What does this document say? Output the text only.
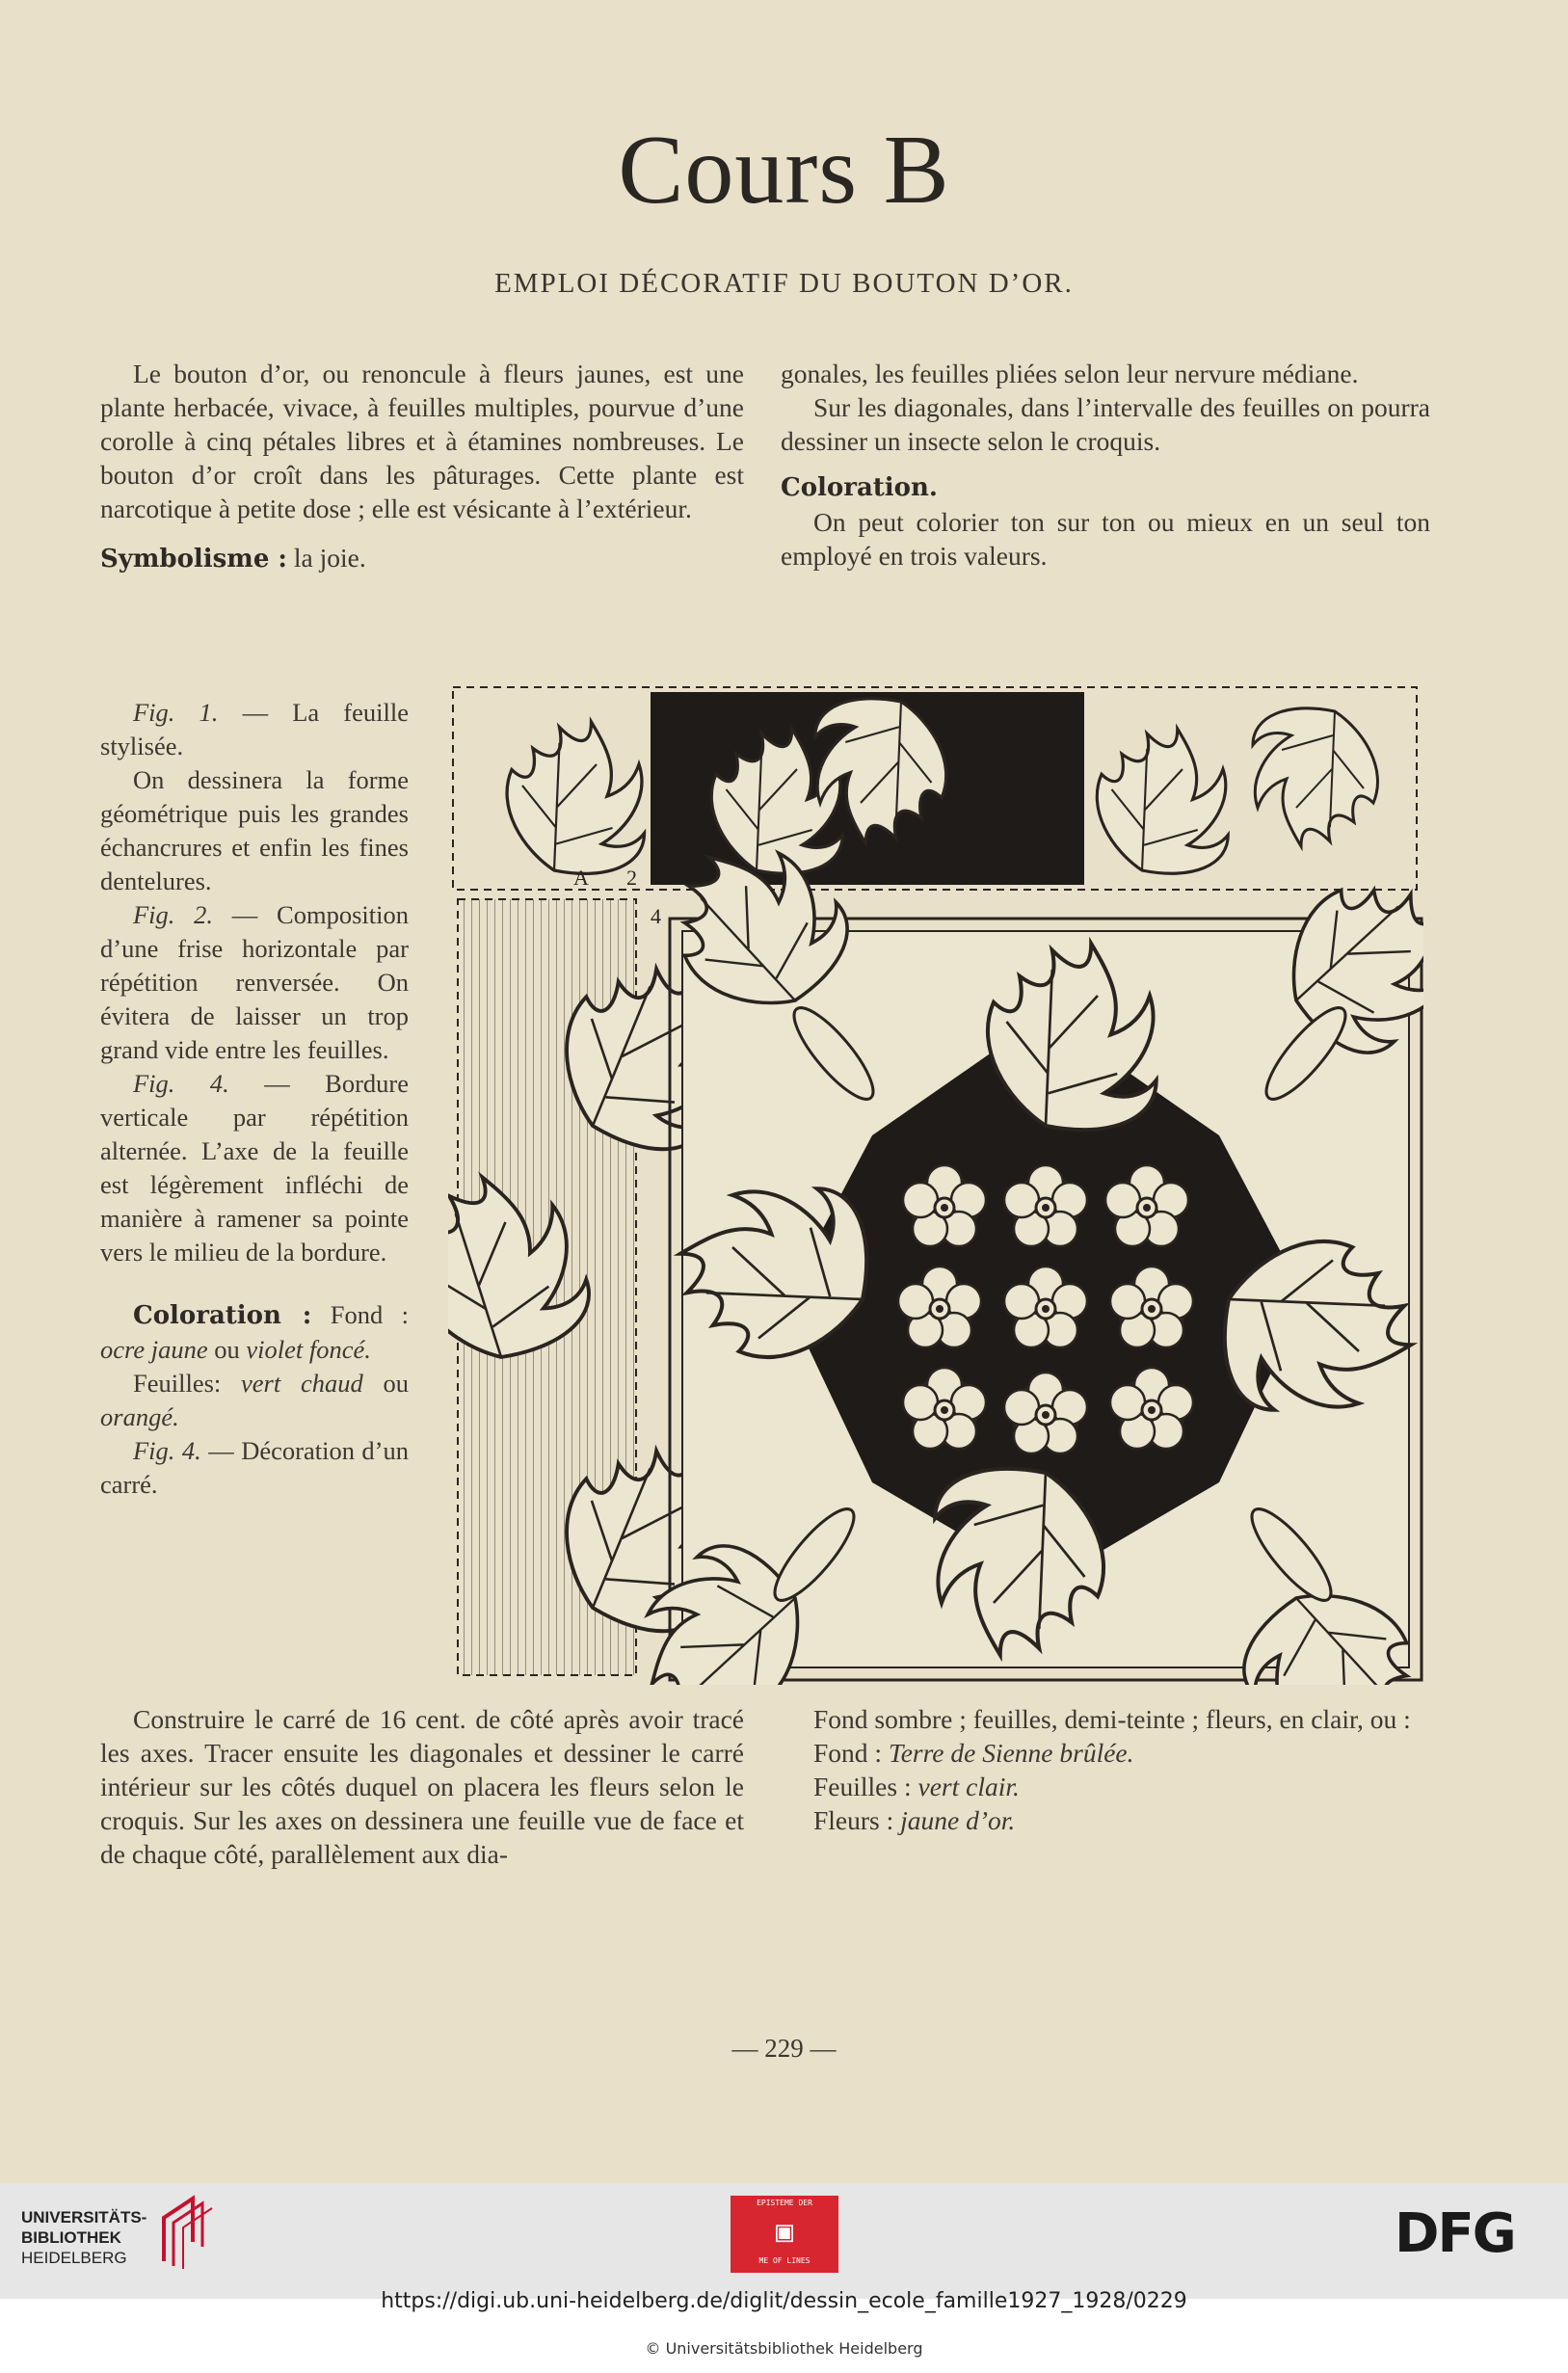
Cours B
EMPLOI DÉCORATIF DU BOUTON D’OR.

Le bouton d’or, ou renoncule à fleurs jaunes, est une plante herbacée, vivace, à feuilles multiples, pourvue d’une corolle à cinq pétales libres et à étamines nombreuses. Le bouton d’or croît dans les pâturages. Cette plante est narcotique à petite dose ; elle est vésicante à l’extérieur.

Symbolisme : la joie.

gonales, les feuilles pliées selon leur nervure médiane.

Sur les diagonales, dans l’intervalle des feuilles on pourra dessiner un insecte selon le croquis.

Coloration.

On peut colorier ton sur ton ou mieux en un seul ton employé en trois valeurs.

Fig. 1. — La feuille stylisée.

On dessinera la forme géométrique puis les grandes échancrures et enfin les fines dentelures.

Fig. 2. — Composition d’une frise horizontale par répétition renversée. On évitera de laisser un trop grand vide entre les feuilles.

Fig. 4. — Bordure verticale par répétition alternée. L’axe de la feuille est légèrement infléchi de manière à ramener sa pointe vers le milieu de la bordure.

Coloration : Fond : ocre jaune ou violet foncé.

Feuilles: vert chaud ou orangé.

Fig. 4. — Décoration d’un carré.

A 2
4

Construire le carré de 16 cent. de côté après avoir tracé les axes. Tracer ensuite les diagonales et dessiner le carré intérieur sur les côtés duquel on placera les fleurs selon le croquis. Sur les axes on dessinera une feuille vue de face et de chaque côté, parallèlement aux dia-

Fond sombre ; feuilles, demi-teinte ; fleurs, en clair, ou :

Fond : Terre de Sienne brûlée.

Feuilles : vert clair.

Fleurs : jaune d’or.

— 229 —
UNIVERSITÄTS-
BIBLIOTHEK
HEIDELBERG
EPISTEME DER
▣
ME OF LINES	DFG
https://digi.ub.uni-heidelberg.de/diglit/dessin_ecole_famille1927_1928/0229
© Universitätsbibliothek Heidelberg
